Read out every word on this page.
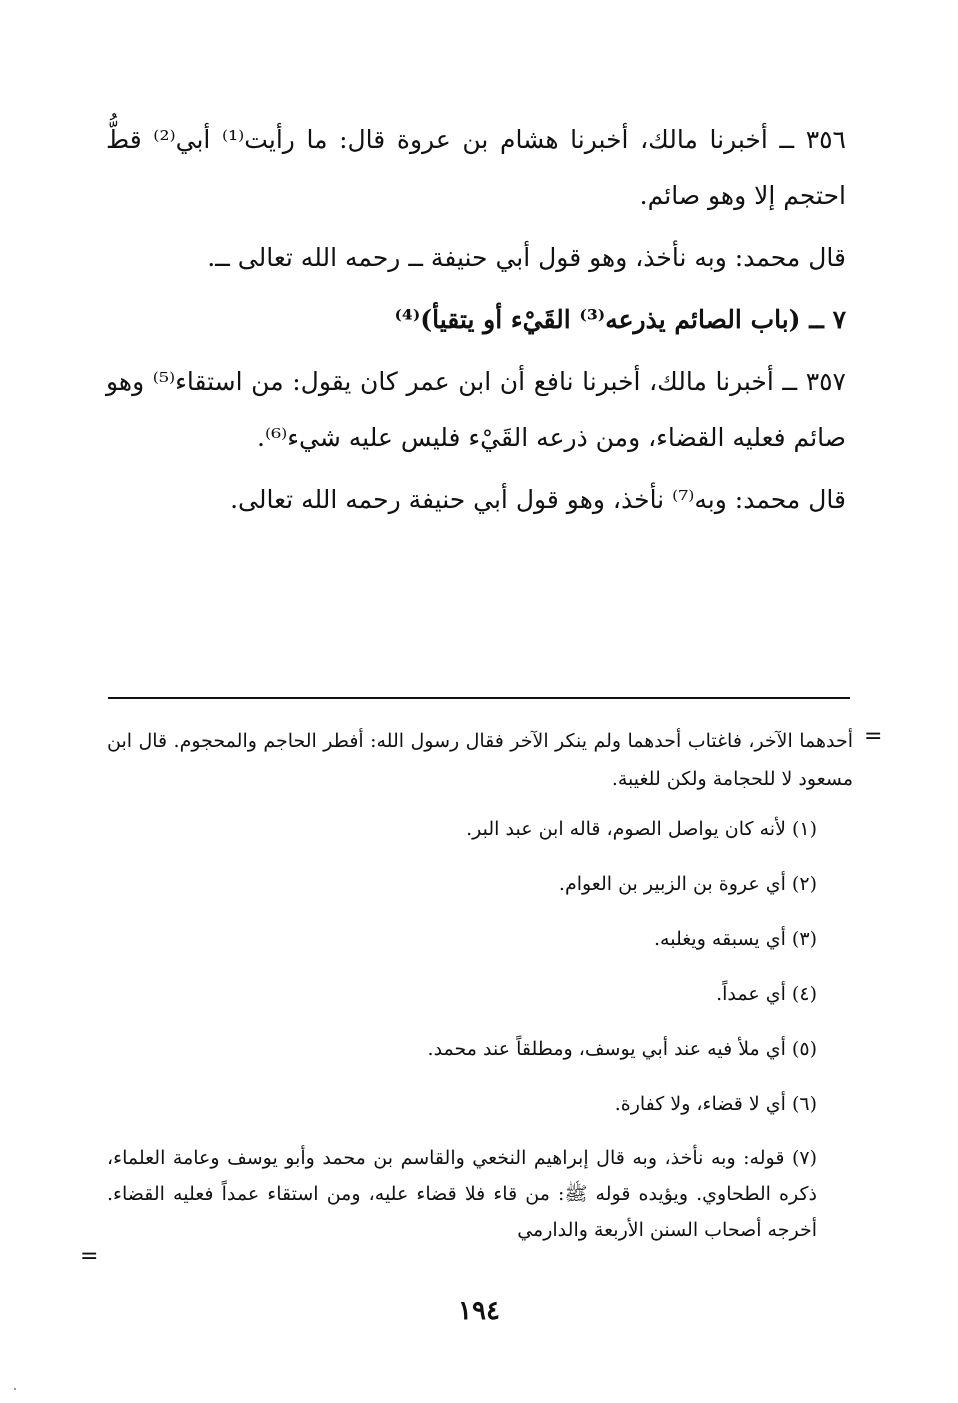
٣٥٦ ــ أخبرنا مالك، أخبرنا هشام بن عروة قال: ما رأيت⁽¹⁾ أبي⁽²⁾ قطُّ احتجم إلا وهو صائم.

قال محمد: وبه نأخذ، وهو قول أبي حنيفة ــ رحمه الله تعالى ــ.

٧ ــ (باب الصائم يذرعه⁽³⁾ القَيْء أو يتقيأ)⁽⁴⁾

٣٥٧ ــ أخبرنا مالك، أخبرنا نافع أن ابن عمر كان يقول: من استقاء⁽⁵⁾ وهو صائم فعليه القضاء، ومن ذرعه القَيْء فليس عليه شيء⁽⁶⁾.

قال محمد: وبه⁽⁷⁾ نأخذ، وهو قول أبي حنيفة رحمه الله تعالى.

=

أحدهما الآخر، فاغتاب أحدهما ولم ينكر الآخر فقال رسول الله: أفطر الحاجم والمحجوم. قال ابن مسعود لا للحجامة ولكن للغيبة.

(١) لأنه كان يواصل الصوم، قاله ابن عبد البر.

(٢) أي عروة بن الزبير بن العوام.

(٣) أي يسبقه ويغلبه.

(٤) أي عمداً.

(٥) أي ملأ فيه عند أبي يوسف، ومطلقاً عند محمد.

(٦) أي لا قضاء، ولا كفارة.

(٧) قوله: وبه نأخذ، وبه قال إبراهيم النخعي والقاسم بن محمد وأبو يوسف وعامة العلماء، ذكره الطحاوي. ويؤيده قوله ﷺ: من قاء فلا قضاء عليه، ومن استقاء عمداً فعليه القضاء. أخرجه أصحاب السنن الأربعة والدارمي

=
١٩٤
